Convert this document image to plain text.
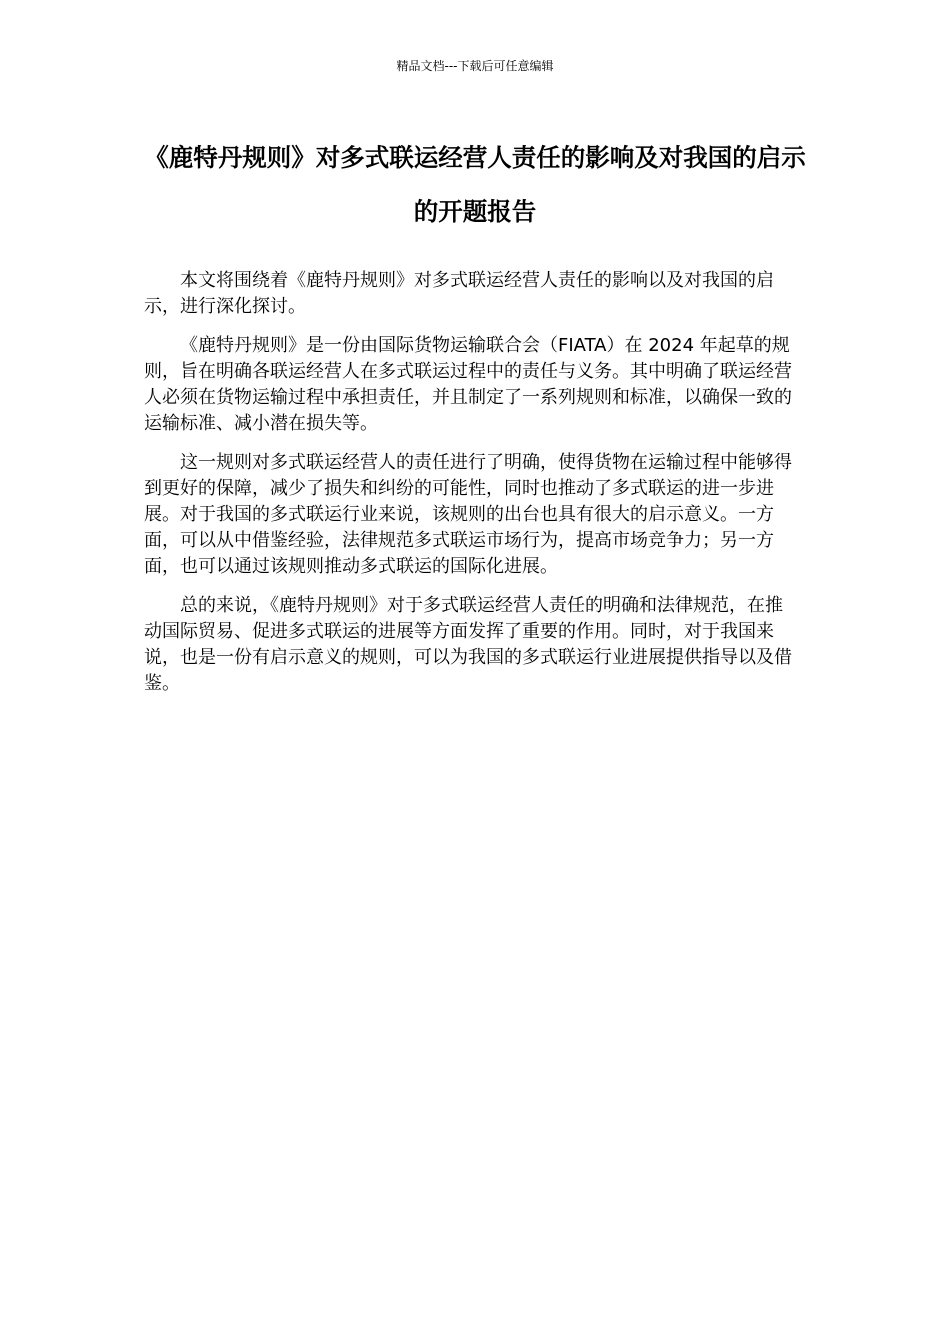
精品文档---下载后可任意编辑
《鹿特丹规则》对多式联运经营人责任的影响及对我国的启示的开题报告

本文将围绕着《鹿特丹规则》对多式联运经营人责任的影响以及对我国的启示，进行深化探讨。

《鹿特丹规则》是一份由国际货物运输联合会（FIATA）在 2024 年起草的规则，旨在明确各联运经营人在多式联运过程中的责任与义务。其中明确了联运经营人必须在货物运输过程中承担责任，并且制定了一系列规则和标准，以确保一致的运输标准、减小潜在损失等。

这一规则对多式联运经营人的责任进行了明确，使得货物在运输过程中能够得到更好的保障，减少了损失和纠纷的可能性，同时也推动了多式联运的进一步进展。对于我国的多式联运行业来说，该规则的出台也具有很大的启示意义。一方面，可以从中借鉴经验，法律规范多式联运市场行为，提高市场竞争力；另一方面，也可以通过该规则推动多式联运的国际化进展。

总的来说，《鹿特丹规则》对于多式联运经营人责任的明确和法律规范，在推动国际贸易、促进多式联运的进展等方面发挥了重要的作用。同时，对于我国来说，也是一份有启示意义的规则，可以为我国的多式联运行业进展提供指导以及借鉴。
